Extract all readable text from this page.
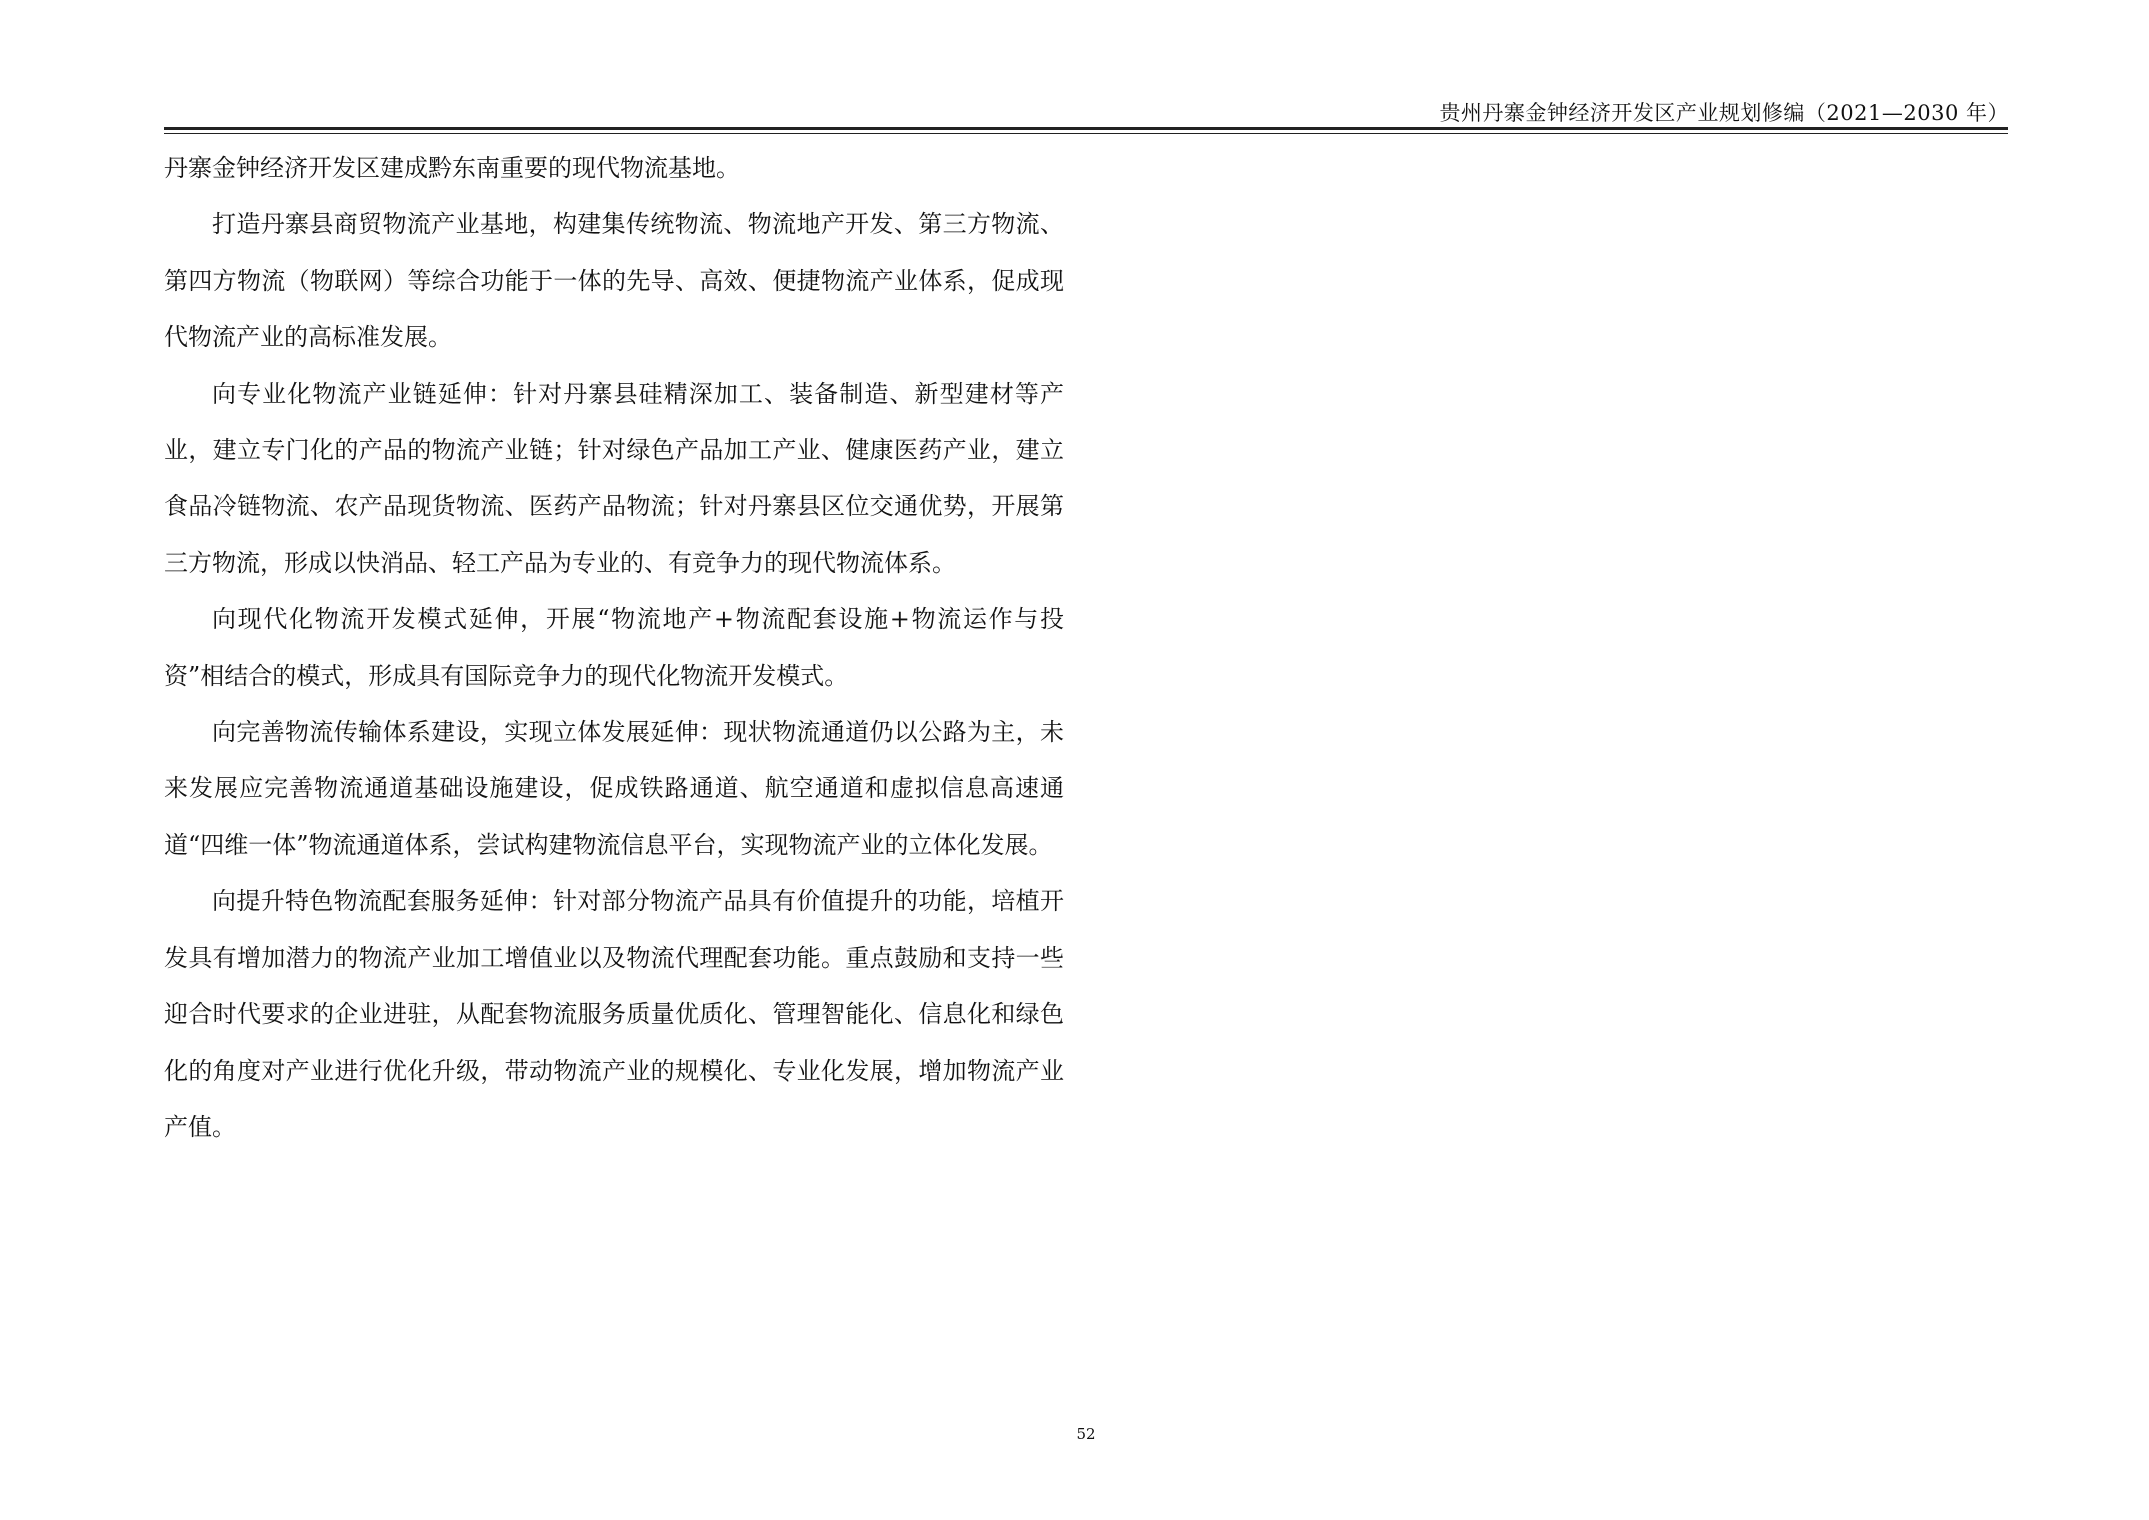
贵州丹寨金钟经济开发区产业规划修编（2021—2030 年）

丹寨金钟经济开发区建成黔东南重要的现代物流基地。

打造丹寨县商贸物流产业基地，构建集传统物流、物流地产开发、第三方物流、第四方物流（物联网）等综合功能于一体的先导、高效、便捷物流产业体系，促成现代物流产业的高标准发展。

向专业化物流产业链延伸：针对丹寨县硅精深加工、装备制造、新型建材等产业，建立专门化的产品的物流产业链；针对绿色产品加工产业、健康医药产业，建立食品冷链物流、农产品现货物流、医药产品物流；针对丹寨县区位交通优势，开展第三方物流，形成以快消品、轻工产品为专业的、有竞争力的现代物流体系。

向现代化物流开发模式延伸，开展“物流地产+物流配套设施+物流运作与投资”相结合的模式，形成具有国际竞争力的现代化物流开发模式。

向完善物流传输体系建设，实现立体发展延伸：现状物流通道仍以公路为主，未来发展应完善物流通道基础设施建设，促成铁路通道、航空通道和虚拟信息高速通道“四维一体”物流通道体系，尝试构建物流信息平台，实现物流产业的立体化发展。

向提升特色物流配套服务延伸：针对部分物流产品具有价值提升的功能，培植开发具有增加潜力的物流产业加工增值业以及物流代理配套功能。重点鼓励和支持一些迎合时代要求的企业进驻，从配套物流服务质量优质化、管理智能化、信息化和绿色化的角度对产业进行优化升级，带动物流产业的规模化、专业化发展，增加物流产业产值。

52
